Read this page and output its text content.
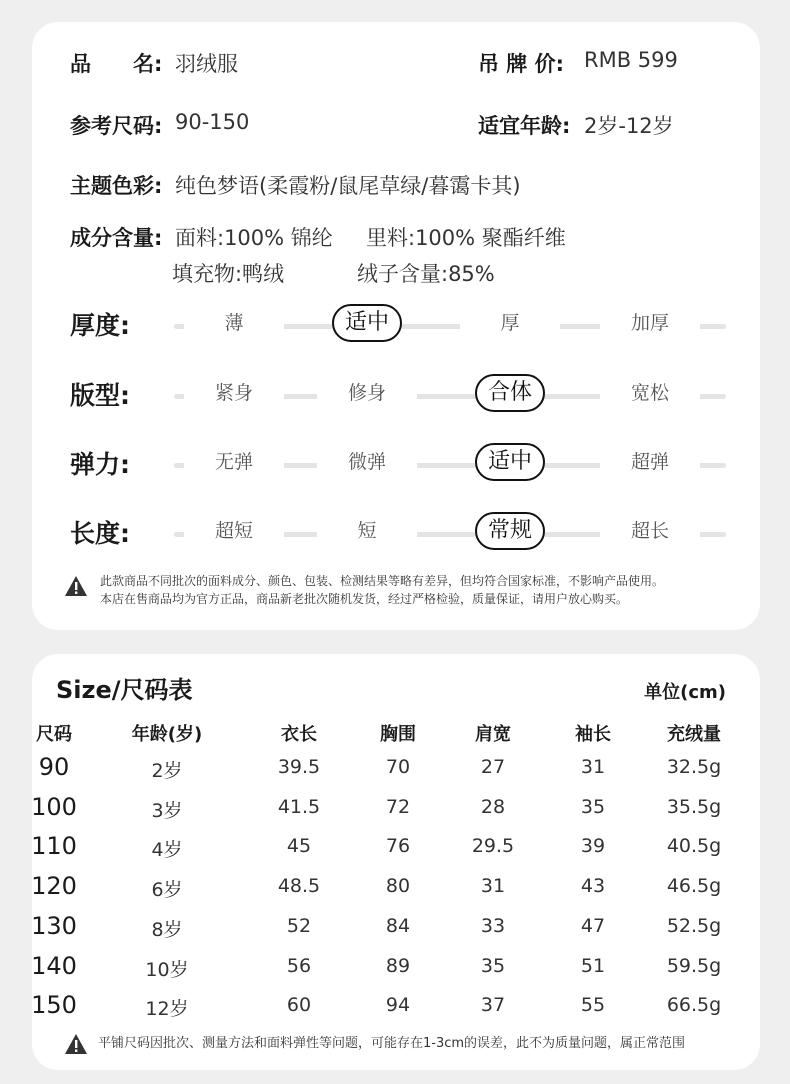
品　　名: 羽绒服	吊 牌 价: RMB 599
参考尺码: 90-150	适宜年龄: 2岁-12岁
主题色彩: 纯色梦语(柔霞粉/鼠尾草绿/暮霭卡其)
成分含量: 面料:100% 锦纶 里料:100% 聚酯纤维
填充物:鸭绒	绒子含量:85%
厚度:	薄	适中	厚	加厚
版型:	紧身	修身	合体	宽松
弹力:	无弹	微弹	适中	超弹
长度:	超短	短	常规	超长
此款商品不同批次的面料成分、颜色、包装、检测结果等略有差异，但均符合国家标准，不影响产品使用。
本店在售商品均为官方正品，商品新老批次随机发货，经过严格检验，质量保证，请用户放心购买。
Size/尺码表	单位(cm)
尺码	年龄(岁)	衣长	胸围	肩宽	袖长	充绒量
90	2岁	39.5	70	27	31	32.5g
100	3岁	41.5	72	28	35	35.5g
110	4岁	45	76	29.5	39	40.5g
120	6岁	48.5	80	31	43	46.5g
130	8岁	52	84	33	47	52.5g
140	10岁	56	89	35	51	59.5g
150	12岁	60	94	37	55	66.5g
平铺尺码因批次、测量方法和面料弹性等问题，可能存在1-3cm的误差，此不为质量问题，属正常范围
